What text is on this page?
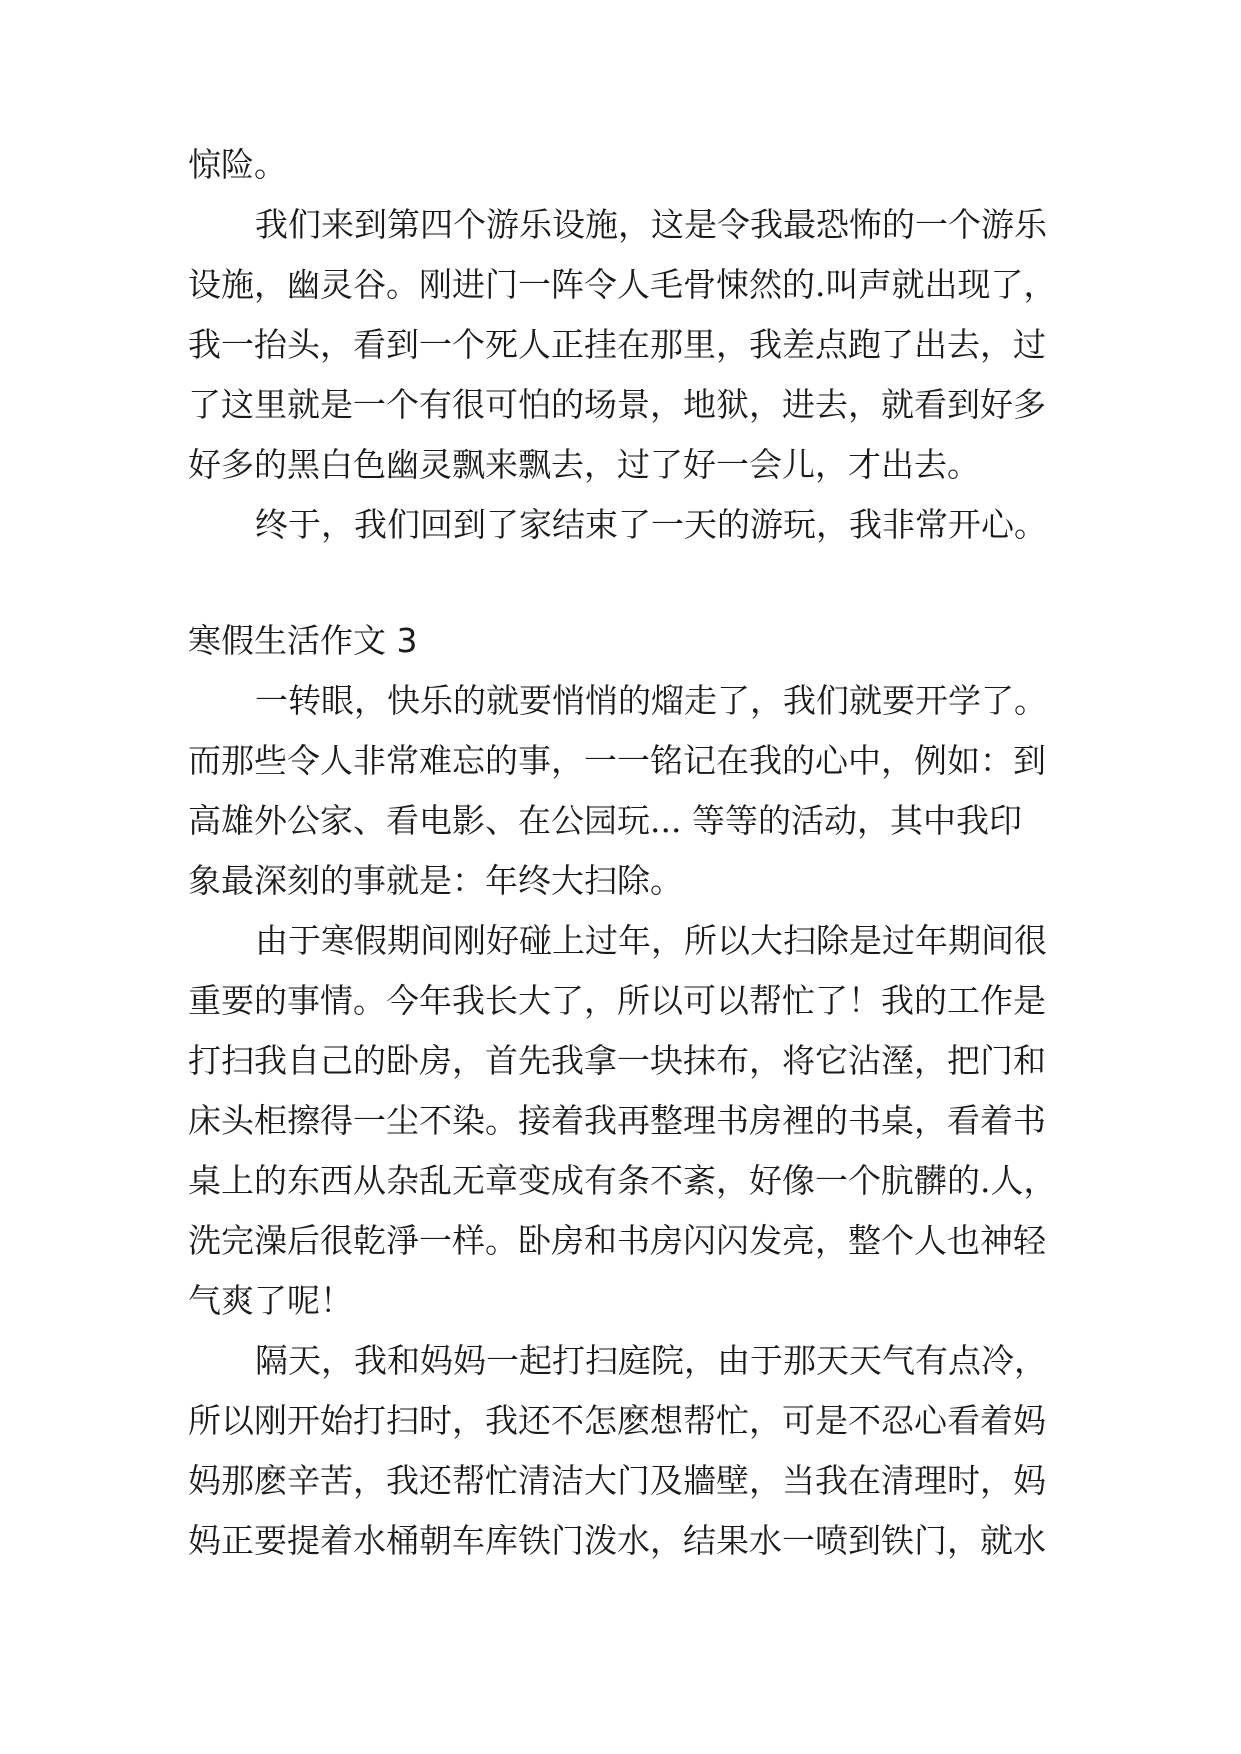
惊险。
我们来到第四个游乐设施，这是令我最恐怖的一个游乐
设施，幽灵谷。刚进门一阵令人毛骨悚然的.叫声就出现了，
我一抬头，看到一个死人正挂在那里，我差点跑了出去，过
了这里就是一个有很可怕的场景，地狱，进去，就看到好多
好多的黑白色幽灵飘来飘去，过了好一会儿，才出去。
终于，我们回到了家结束了一天的游玩，我非常开心。
寒假生活作文 3
一转眼，快乐的就要悄悄的熘走了，我们就要开学了。
而那些令人非常难忘的事，一一铭记在我的心中，例如：到
高雄外公家、看电影、在公园玩... 等等的活动，其中我印
象最深刻的事就是：年终大扫除。
由于寒假期间刚好碰上过年，所以大扫除是过年期间很
重要的事情。今年我长大了，所以可以帮忙了！我的工作是
打扫我自己的卧房，首先我拿一块抹布，将它沾溼，把门和
床头柜擦得一尘不染。接着我再整理书房裡的书桌，看着书
桌上的东西从杂乱无章变成有条不紊，好像一个肮髒的.人，
洗完澡后很乾淨一样。卧房和书房闪闪发亮，整个人也神轻
气爽了呢！
隔天，我和妈妈一起打扫庭院，由于那天天气有点冷，
所以刚开始打扫时，我还不怎麽想帮忙，可是不忍心看着妈
妈那麽辛苦，我还帮忙清洁大门及牆壁，当我在清理时，妈
妈正要提着水桶朝车库铁门泼水，结果水一喷到铁门，就水
